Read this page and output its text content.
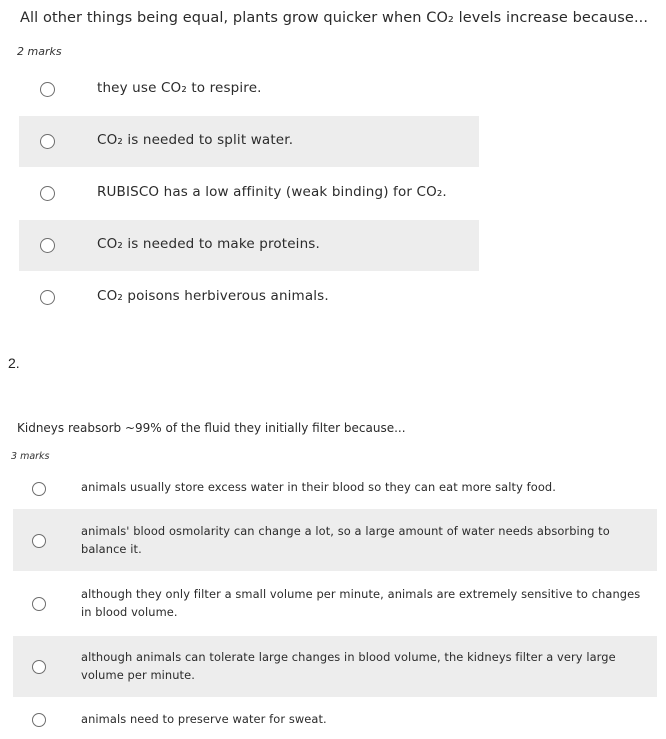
All other things being equal, plants grow quicker when CO₂ levels increase because...
2 marks
they use CO₂ to respire.
CO₂ is needed to split water.
RUBISCO has a low affinity (weak binding) for CO₂.
CO₂ is needed to make proteins.
CO₂ poisons herbiverous animals.
2.
Kidneys reabsorb ~99% of the fluid they initially filter because...
3 marks
animals usually store excess water in their blood so they can eat more salty food.
animals' blood osmolarity can change a lot, so a large amount of water needs absorbing to balance it.
although they only filter a small volume per minute, animals are extremely sensitive to changes in blood volume.
although animals can tolerate large changes in blood volume, the kidneys filter a very large volume per minute.
animals need to preserve water for sweat.
